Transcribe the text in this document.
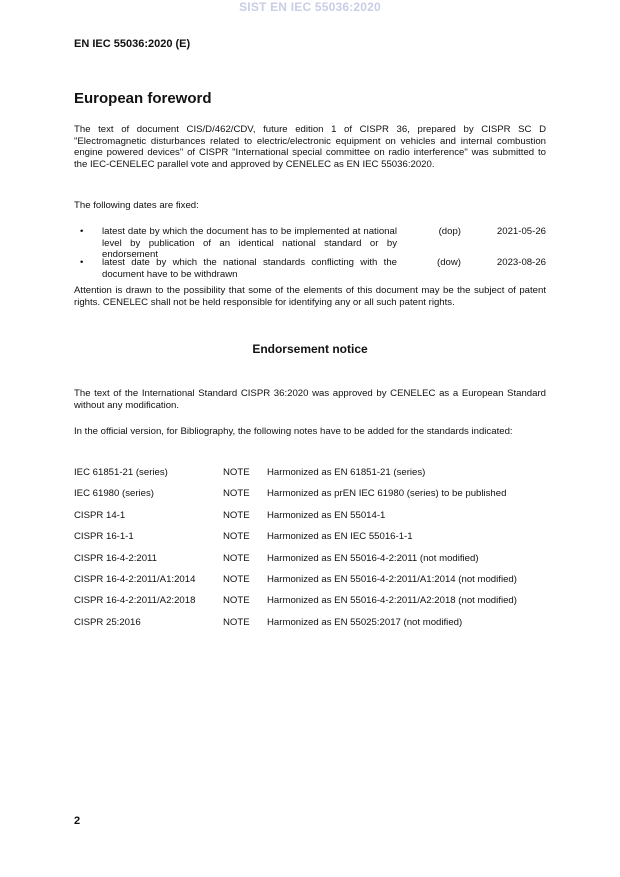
SIST EN IEC 55036:2020
EN IEC 55036:2020 (E)
European foreword

The text of document CIS/D/462/CDV, future edition 1 of CISPR 36, prepared by CISPR SC D "Electromagnetic disturbances related to electric/electronic equipment on vehicles and internal combustion engine powered devices" of CISPR "International special committee on radio interference" was submitted to the IEC-CENELEC parallel vote and approved by CENELEC as EN IEC 55036:2020.

The following dates are fixed:

• latest date by which the document has to be implemented at national level by publication of an identical national standard or by endorsement
(dop)	2021-05-26
• latest date by which the national standards conflicting with the document have to be withdrawn
(dow)	2023-08-26

Attention is drawn to the possibility that some of the elements of this document may be the subject of patent rights. CENELEC shall not be held responsible for identifying any or all such patent rights.

Endorsement notice

The text of the International Standard CISPR 36:2020 was approved by CENELEC as a European Standard without any modification.

In the official version, for Bibliography, the following notes have to be added for the standards indicated:

IEC 61851-21 (series)	NOTE Harmonized as EN 61851-21 (series)
IEC 61980 (series)	NOTE Harmonized as prEN IEC 61980 (series) to be published
CISPR 14-1	NOTE Harmonized as EN 55014-1
CISPR 16-1-1	NOTE Harmonized as EN IEC 55016-1-1
CISPR 16-4-2:2011	NOTE Harmonized as EN 55016-4-2:2011 (not modified)
CISPR 16-4-2:2011/A1:2014	NOTE Harmonized as EN 55016-4-2:2011/A1:2014 (not modified)
CISPR 16-4-2:2011/A2:2018	NOTE Harmonized as EN 55016-4-2:2011/A2:2018 (not modified)
CISPR 25:2016	NOTE Harmonized as EN 55025:2017 (not modified)
2
